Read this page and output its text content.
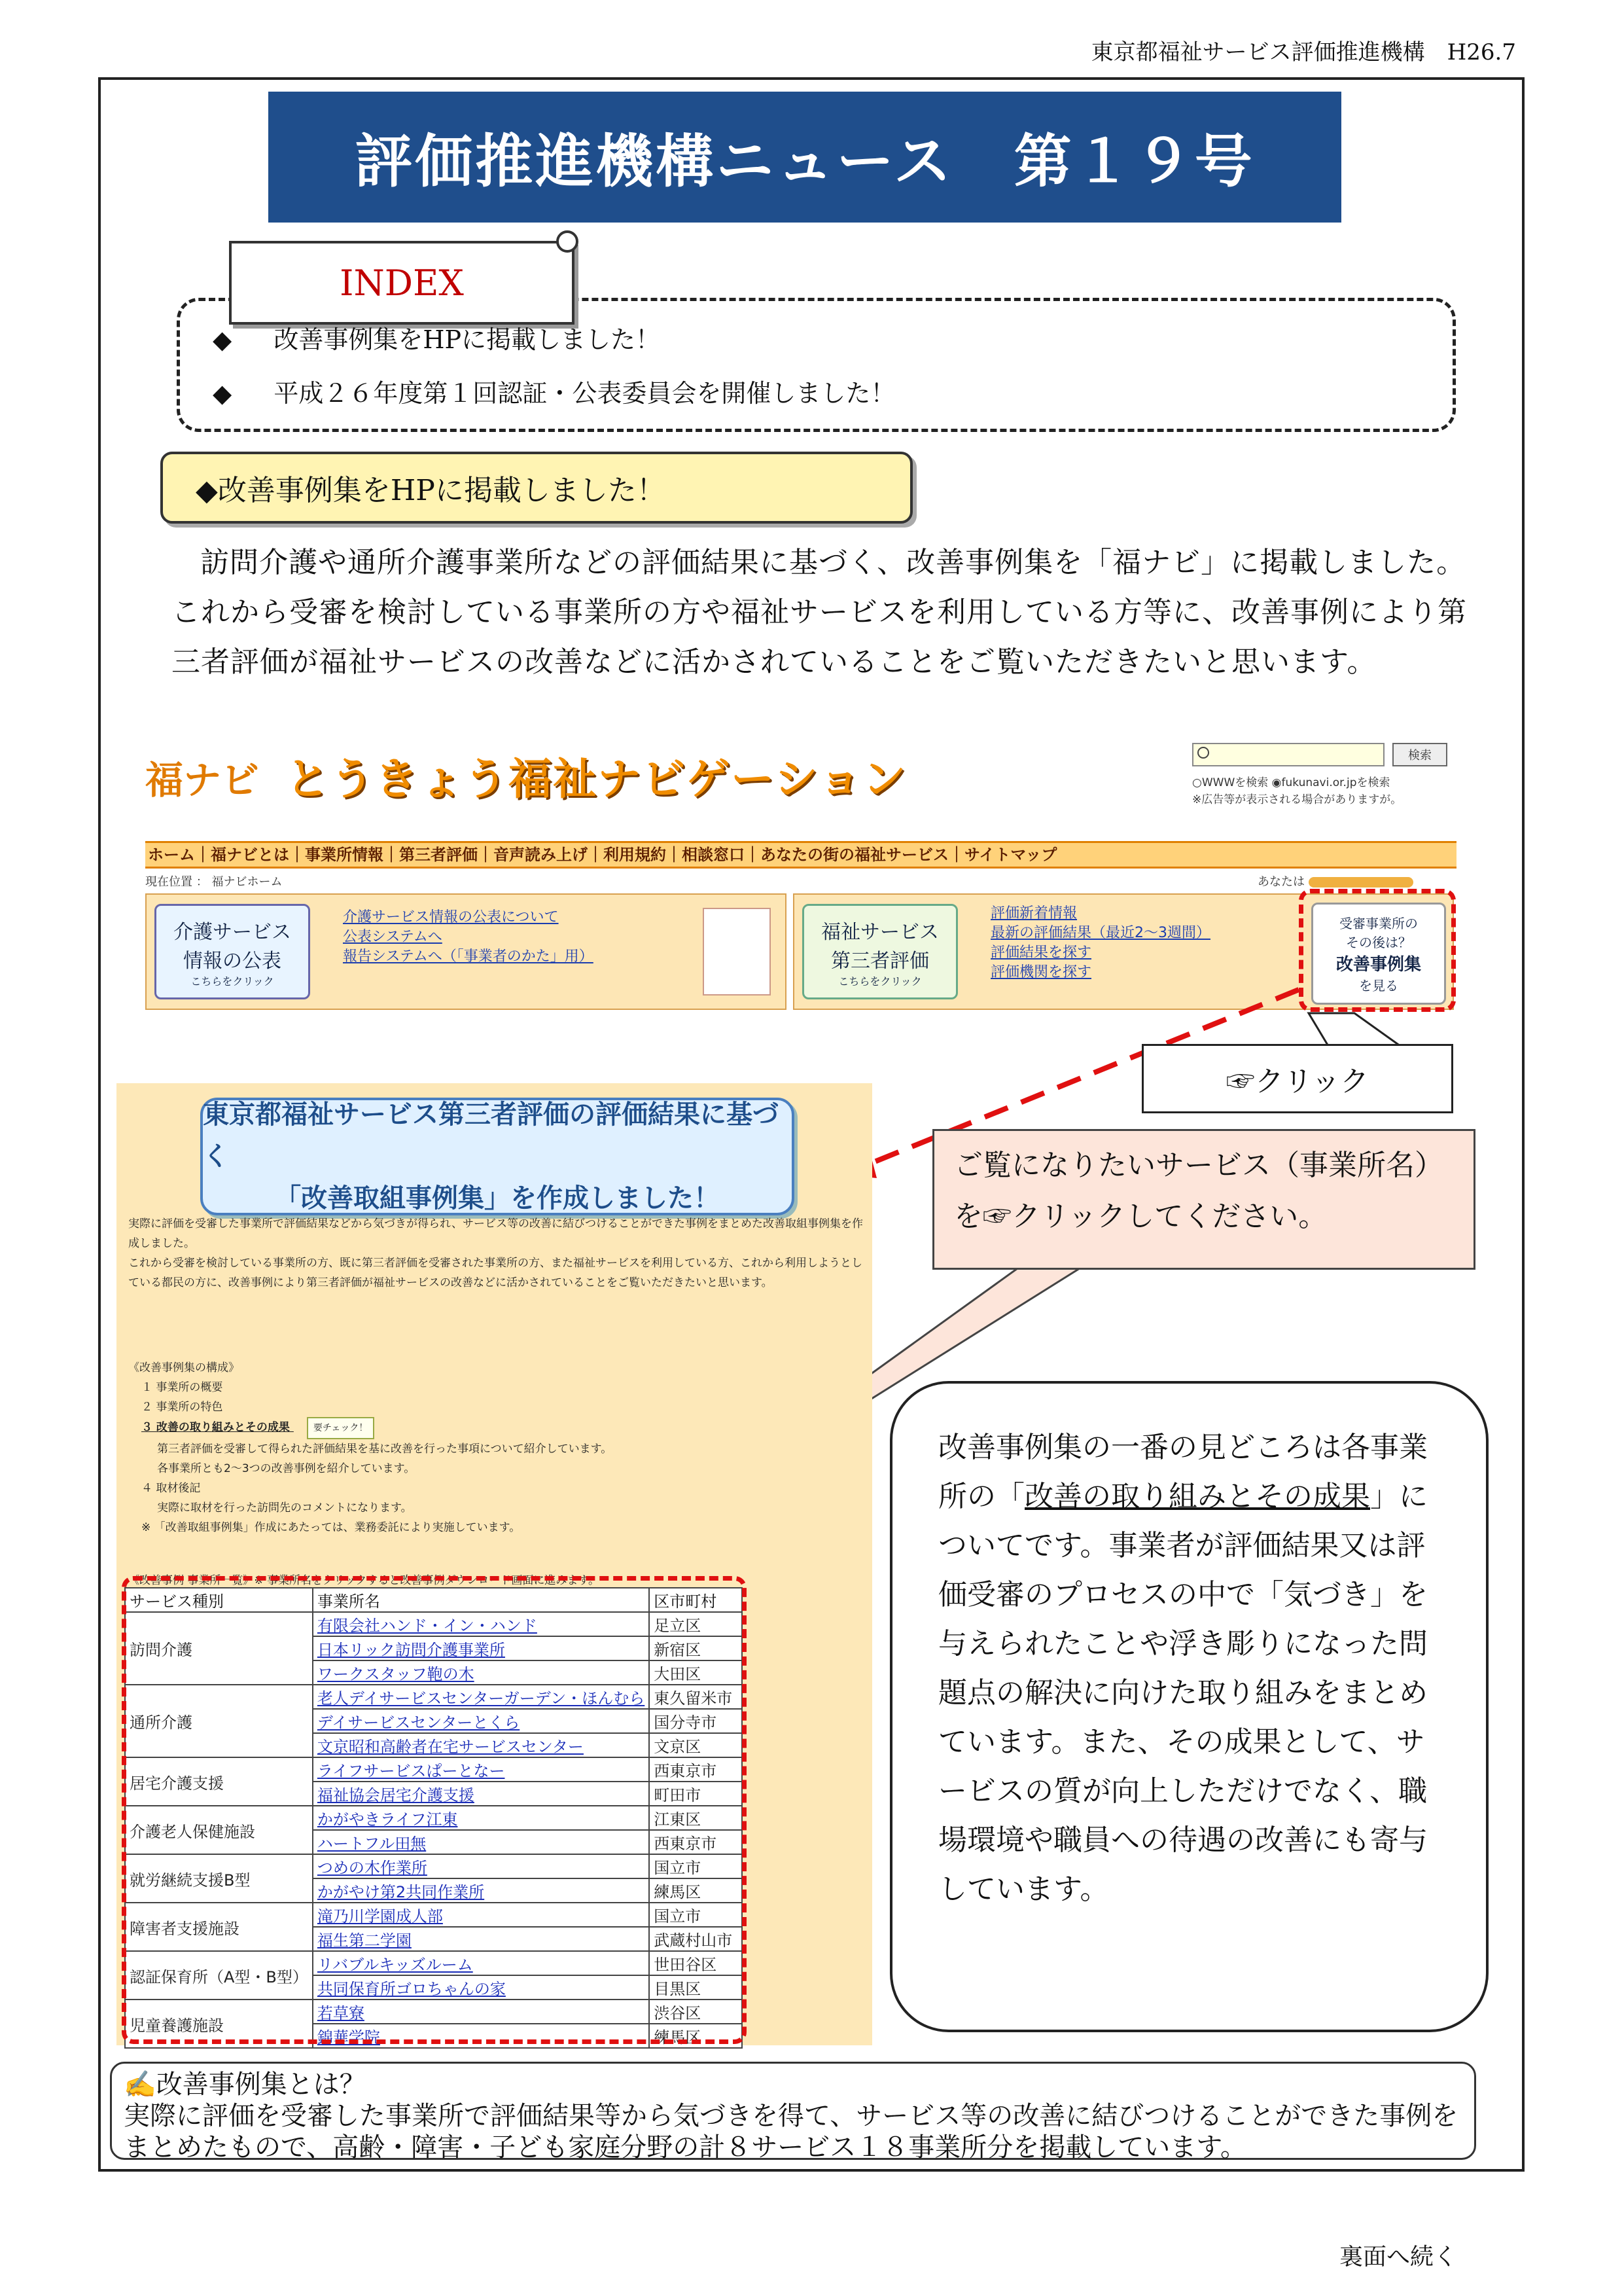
東京都福祉サービス評価推進機構　H26.7
評価推進機構ニュース　第１９号
INDEX
◆ 改善事例集をHPに掲載しました！
◆ 平成２６年度第１回認証・公表委員会を開催しました！
◆改善事例集をHPに掲載しました！
訪問介護や通所介護事業所などの評価結果に基づく、改善事例集を「福ナビ」に掲載しました。これから受審を検討している事業所の方や福祉サービスを利用している方等に、改善事例により第三者評価が福祉サービスの改善などに活かされていることをご覧いただきたいと思います。
福ナビ とうきょう福祉ナビゲーション	検索
○WWWを検索 ◉fukunavi.or.jpを検索
※広告等が表示される場合がありますが。
ホーム｜福ナビとは｜事業所情報｜第三者評価｜音声読み上げ｜利用規約｜相談窓口｜あなたの街の福祉サービス｜サイトマップ
現在位置 ： 福ナビホーム	あなたは
介護サービス
情報の公表
こちらをクリック
介護サービス情報の公表について
公表システムへ
報告システムへ（「事業者のかた」用）
福祉サービス
第三者評価
こちらをクリック
評価新着情報
最新の評価結果（最近2〜3週間）
評価結果を探す
評価機関を探す
受審事業所の
その後は？
改善事例集
を見る
☞クリック
東京都福祉サービス第三者評価の評価結果に基づく
「改善取組事例集」を作成しました！
実際に評価を受審した事業所で評価結果などから気づきが得られ、サービス等の改善に結びつけることができた事例をまとめた改善取組事例集を作成しました。
これから受審を検討している事業所の方、既に第三者評価を受審された事業所の方、また福祉サービスを利用している方、これから利用しようとしている都民の方に、改善事例により第三者評価が福祉サービスの改善などに活かされていることをご覧いただきたいと思います。
《改善事例集の構成》
１ 事業所の概要
２ 事業所の特色
３ 改善の取り組みとその成果	要チェック！
第三者評価を受審して得られた評価結果を基に改善を行った事項について紹介しています。
各事業所とも2〜3つの改善事例を紹介しています。
４ 取材後記
実際に取材を行った訪問先のコメントになります。
※ 「改善取組事例集」作成にあたっては、業務委託により実施しています。
《改善事例 事業所一覧》※ 事業所名をクリックすると改善事例ダウンロード画面に進みます。
サービス種別	事業所名	区市町村
訪問介護	有限会社ハンド・イン・ハンド	足立区
	日本リック訪問介護事業所	新宿区
	ワークスタッフ鞄の木	大田区
通所介護	老人デイサービスセンターガーデン・ほんむら	東久留米市
	デイサービスセンターとくら	国分寺市
	文京昭和高齢者在宅サービスセンター	文京区
居宅介護支援	ライフサービスぱーとなー	西東京市
	福祉協会居宅介護支援	町田市
介護老人保健施設	かがやきライフ江東	江東区
	ハートフル田無	西東京市
就労継続支援B型	つめの木作業所	国立市
	かがやけ第2共同作業所	練馬区
障害者支援施設	滝乃川学園成人部	国立市
	福生第二学園	武蔵村山市
認証保育所（A型・B型）	リバブルキッズルーム	世田谷区
	共同保育所ゴロちゃんの家	目黒区
児童養護施設	若草寮	渋谷区
	錦華学院	練馬区
ご覧になりたいサービス（事業所名）を☞クリックしてください。
改善事例集の一番の見どころは各事業所の「改善の取り組みとその成果」についてです。事業者が評価結果又は評価受審のプロセスの中で「気づき」を与えられたことや浮き彫りになった問題点の解決に向けた取り組みをまとめています。また、その成果として、サービスの質が向上しただけでなく、職場環境や職員への待遇の改善にも寄与しています。
✍改善事例集とは？
実際に評価を受審した事業所で評価結果等から気づきを得て、サービス等の改善に結びつけることができた事例をまとめたもので、高齢・障害・子ども家庭分野の計８サービス１８事業所分を掲載しています。
裏面へ続く
